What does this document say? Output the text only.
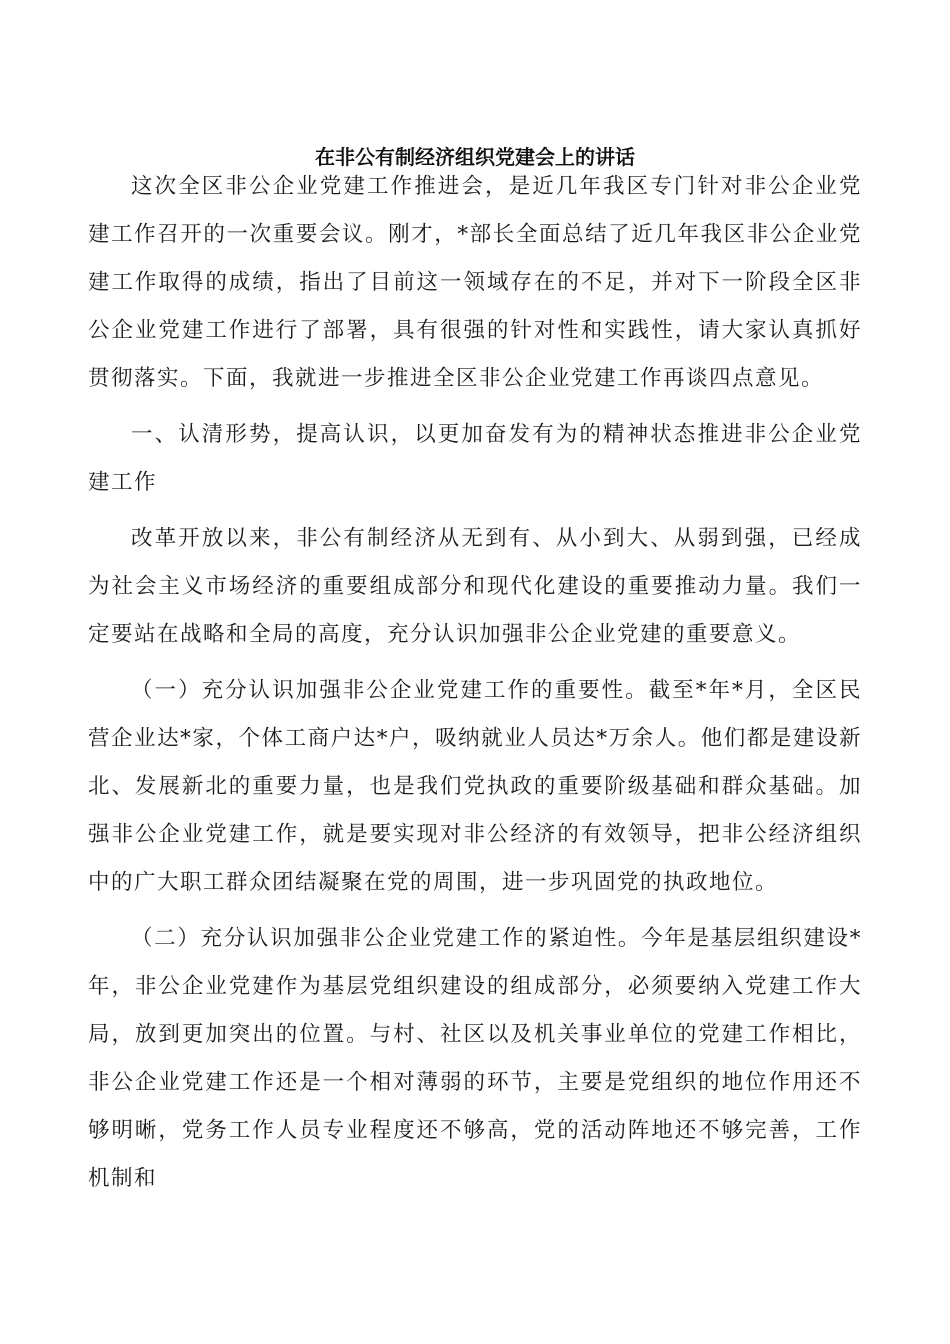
在非公有制经济组织党建会上的讲话

这次全区非公企业党建工作推进会，是近几年我区专门针对非公企业党建工作召开的一次重要会议。刚才，*部长全面总结了近几年我区非公企业党建工作取得的成绩，指出了目前这一领域存在的不足，并对下一阶段全区非公企业党建工作进行了部署，具有很强的针对性和实践性，请大家认真抓好贯彻落实。下面，我就进一步推进全区非公企业党建工作再谈四点意见。

一、认清形势，提高认识，以更加奋发有为的精神状态推进非公企业党建工作

改革开放以来，非公有制经济从无到有、从小到大、从弱到强，已经成为社会主义市场经济的重要组成部分和现代化建设的重要推动力量。我们一定要站在战略和全局的高度，充分认识加强非公企业党建的重要意义。

（一）充分认识加强非公企业党建工作的重要性。截至*年*月，全区民营企业达*家，个体工商户达*户，吸纳就业人员达*万余人。他们都是建设新北、发展新北的重要力量，也是我们党执政的重要阶级基础和群众基础。加强非公企业党建工作，就是要实现对非公经济的有效领导，把非公经济组织中的广大职工群众团结凝聚在党的周围，进一步巩固党的执政地位。

（二）充分认识加强非公企业党建工作的紧迫性。今年是基层组织建设*年，非公企业党建作为基层党组织建设的组成部分，必须要纳入党建工作大局，放到更加突出的位置。与村、社区以及机关事业单位的党建工作相比，非公企业党建工作还是一个相对薄弱的环节，主要是党组织的地位作用还不够明晰，党务工作人员专业程度还不够高，党的活动阵地还不够完善，工作机制和
